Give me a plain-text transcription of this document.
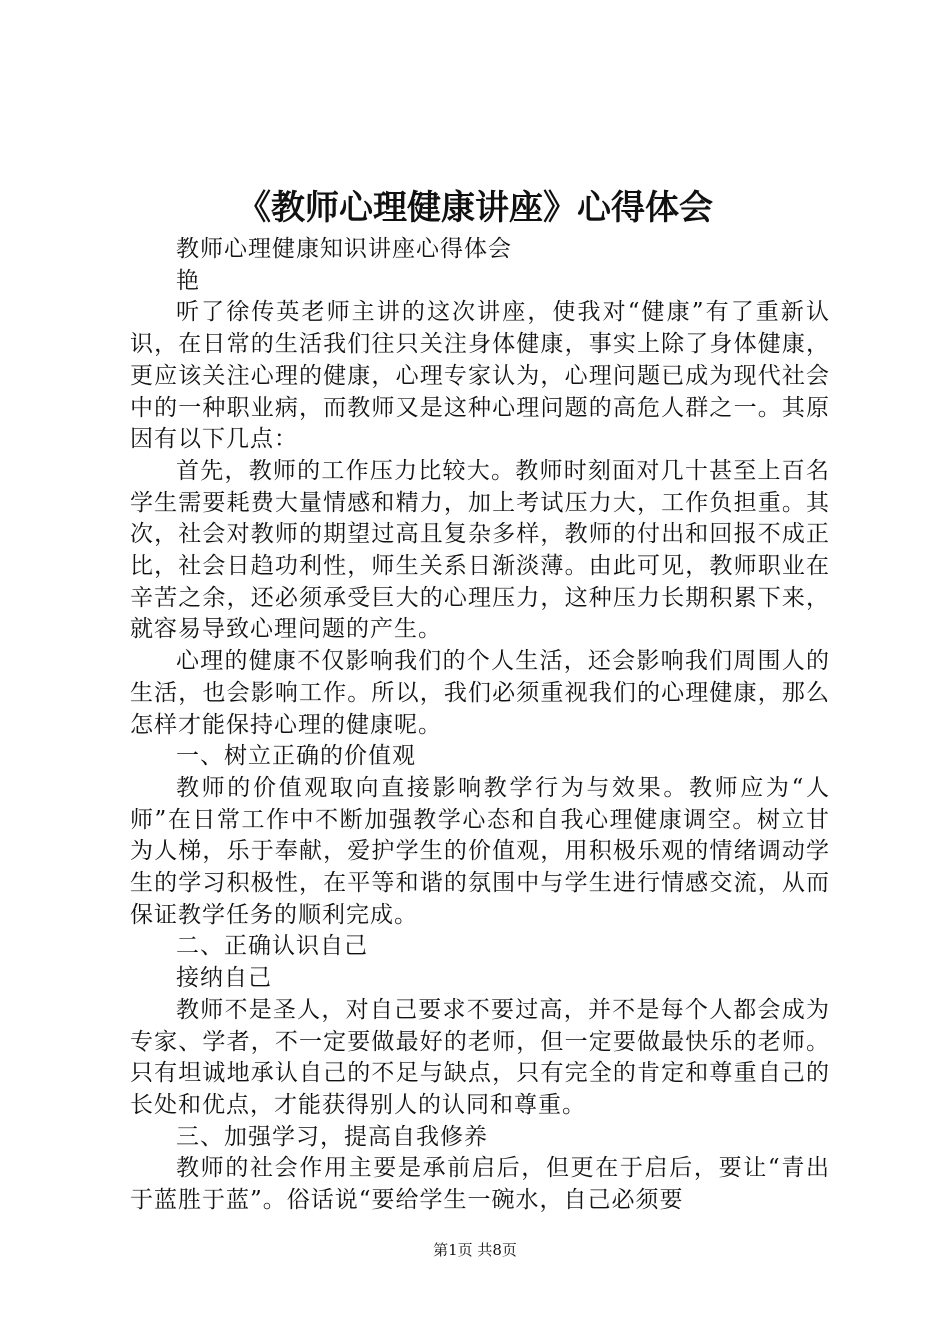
《教师心理健康讲座》心得体会

教师心理健康知识讲座心得体会

艳

听了徐传英老师主讲的这次讲座，使我对“健康”有了重新认识，在日常的生活我们往只关注身体健康，事实上除了身体健康，更应该关注心理的健康，心理专家认为，心理问题已成为现代社会中的一种职业病，而教师又是这种心理问题的高危人群之一。其原因有以下几点：

首先，教师的工作压力比较大。教师时刻面对几十甚至上百名学生需要耗费大量情感和精力，加上考试压力大，工作负担重。其次，社会对教师的期望过高且复杂多样，教师的付出和回报不成正比，社会日趋功利性，师生关系日渐淡薄。由此可见，教师职业在辛苦之余，还必须承受巨大的心理压力，这种压力长期积累下来，就容易导致心理问题的产生。

心理的健康不仅影响我们的个人生活，还会影响我们周围人的生活，也会影响工作。所以，我们必须重视我们的心理健康，那么怎样才能保持心理的健康呢。

一、树立正确的价值观

教师的价值观取向直接影响教学行为与效果。教师应为“人师”在日常工作中不断加强教学心态和自我心理健康调空。树立甘为人梯，乐于奉献，爱护学生的价值观，用积极乐观的情绪调动学生的学习积极性，在平等和谐的氛围中与学生进行情感交流，从而保证教学任务的顺利完成。

二、正确认识自己

接纳自己

教师不是圣人，对自己要求不要过高，并不是每个人都会成为专家、学者，不一定要做最好的老师，但一定要做最快乐的老师。只有坦诚地承认自己的不足与缺点，只有完全的肯定和尊重自己的长处和优点，才能获得别人的认同和尊重。

三、加强学习，提高自我修养

教师的社会作用主要是承前启后，但更在于启后，要让“青出于蓝胜于蓝”。俗话说“要给学生一碗水，自己必须要

第1页 共8页
